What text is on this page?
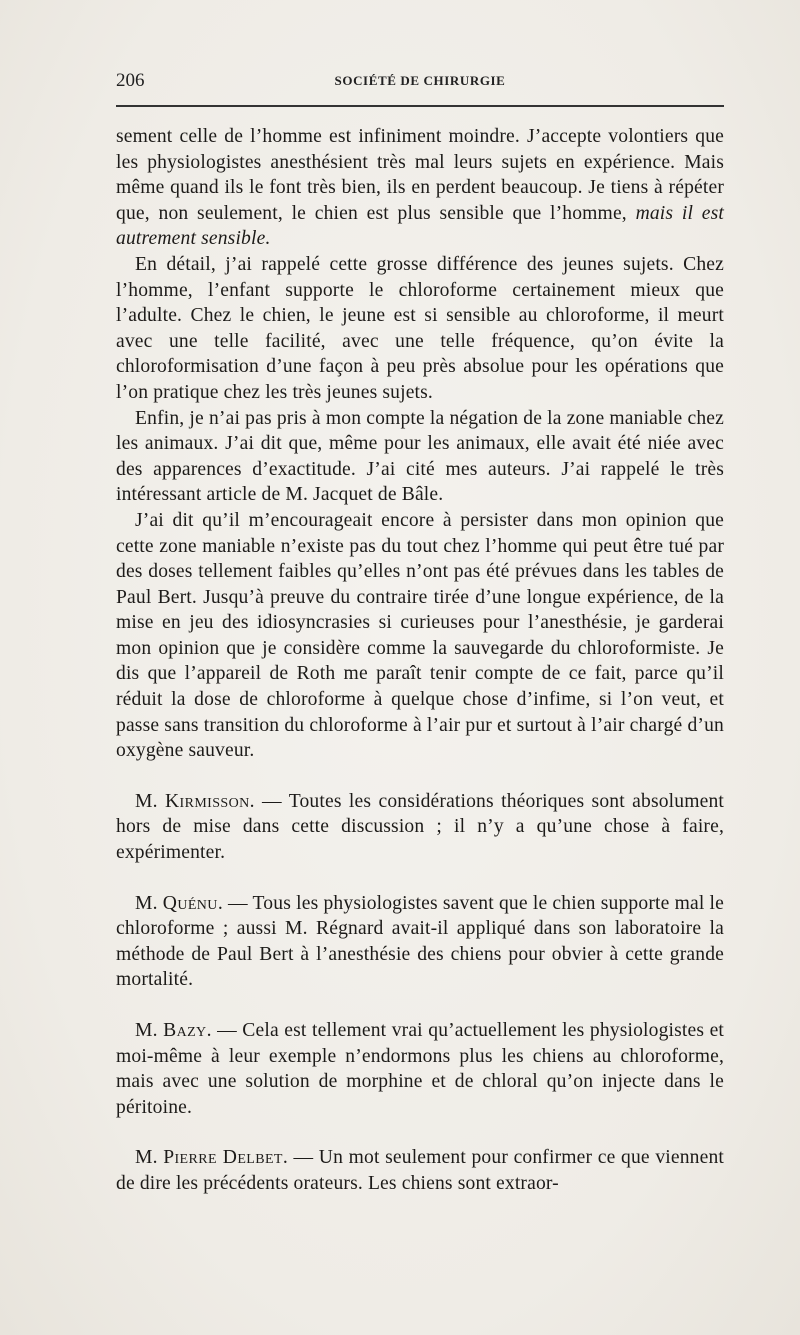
206	SOCIÉTÉ DE CHIRURGIE

sement celle de l’homme est infiniment moindre. J’accepte volontiers que les physiologistes anesthésient très mal leurs sujets en expérience. Mais même quand ils le font très bien, ils en perdent beaucoup. Je tiens à répéter que, non seulement, le chien est plus sensible que l’homme, mais il est autrement sensible.

En détail, j’ai rappelé cette grosse différence des jeunes sujets. Chez l’homme, l’enfant supporte le chloroforme certainement mieux que l’adulte. Chez le chien, le jeune est si sensible au chloroforme, il meurt avec une telle facilité, avec une telle fréquence, qu’on évite la chloroformisation d’une façon à peu près absolue pour les opérations que l’on pratique chez les très jeunes sujets.

Enfin, je n’ai pas pris à mon compte la négation de la zone maniable chez les animaux. J’ai dit que, même pour les animaux, elle avait été niée avec des apparences d’exactitude. J’ai cité mes auteurs. J’ai rappelé le très intéressant article de M. Jacquet de Bâle.

J’ai dit qu’il m’encourageait encore à persister dans mon opinion que cette zone maniable n’existe pas du tout chez l’homme qui peut être tué par des doses tellement faibles qu’elles n’ont pas été prévues dans les tables de Paul Bert. Jusqu’à preuve du contraire tirée d’une longue expérience, de la mise en jeu des idiosyncrasies si curieuses pour l’anesthésie, je garderai mon opinion que je considère comme la sauvegarde du chloroformiste. Je dis que l’appareil de Roth me paraît tenir compte de ce fait, parce qu’il réduit la dose de chloroforme à quelque chose d’infime, si l’on veut, et passe sans transition du chloroforme à l’air pur et surtout à l’air chargé d’un oxygène sauveur.

M. Kirmisson. — Toutes les considérations théoriques sont absolument hors de mise dans cette discussion ; il n’y a qu’une chose à faire, expérimenter.

M. Quénu. — Tous les physiologistes savent que le chien supporte mal le chloroforme ; aussi M. Régnard avait-il appliqué dans son laboratoire la méthode de Paul Bert à l’anesthésie des chiens pour obvier à cette grande mortalité.

M. Bazy. — Cela est tellement vrai qu’actuellement les physiologistes et moi-même à leur exemple n’endormons plus les chiens au chloroforme, mais avec une solution de morphine et de chloral qu’on injecte dans le péritoine.

M. Pierre Delbet. — Un mot seulement pour confirmer ce que viennent de dire les précédents orateurs. Les chiens sont extraor-
